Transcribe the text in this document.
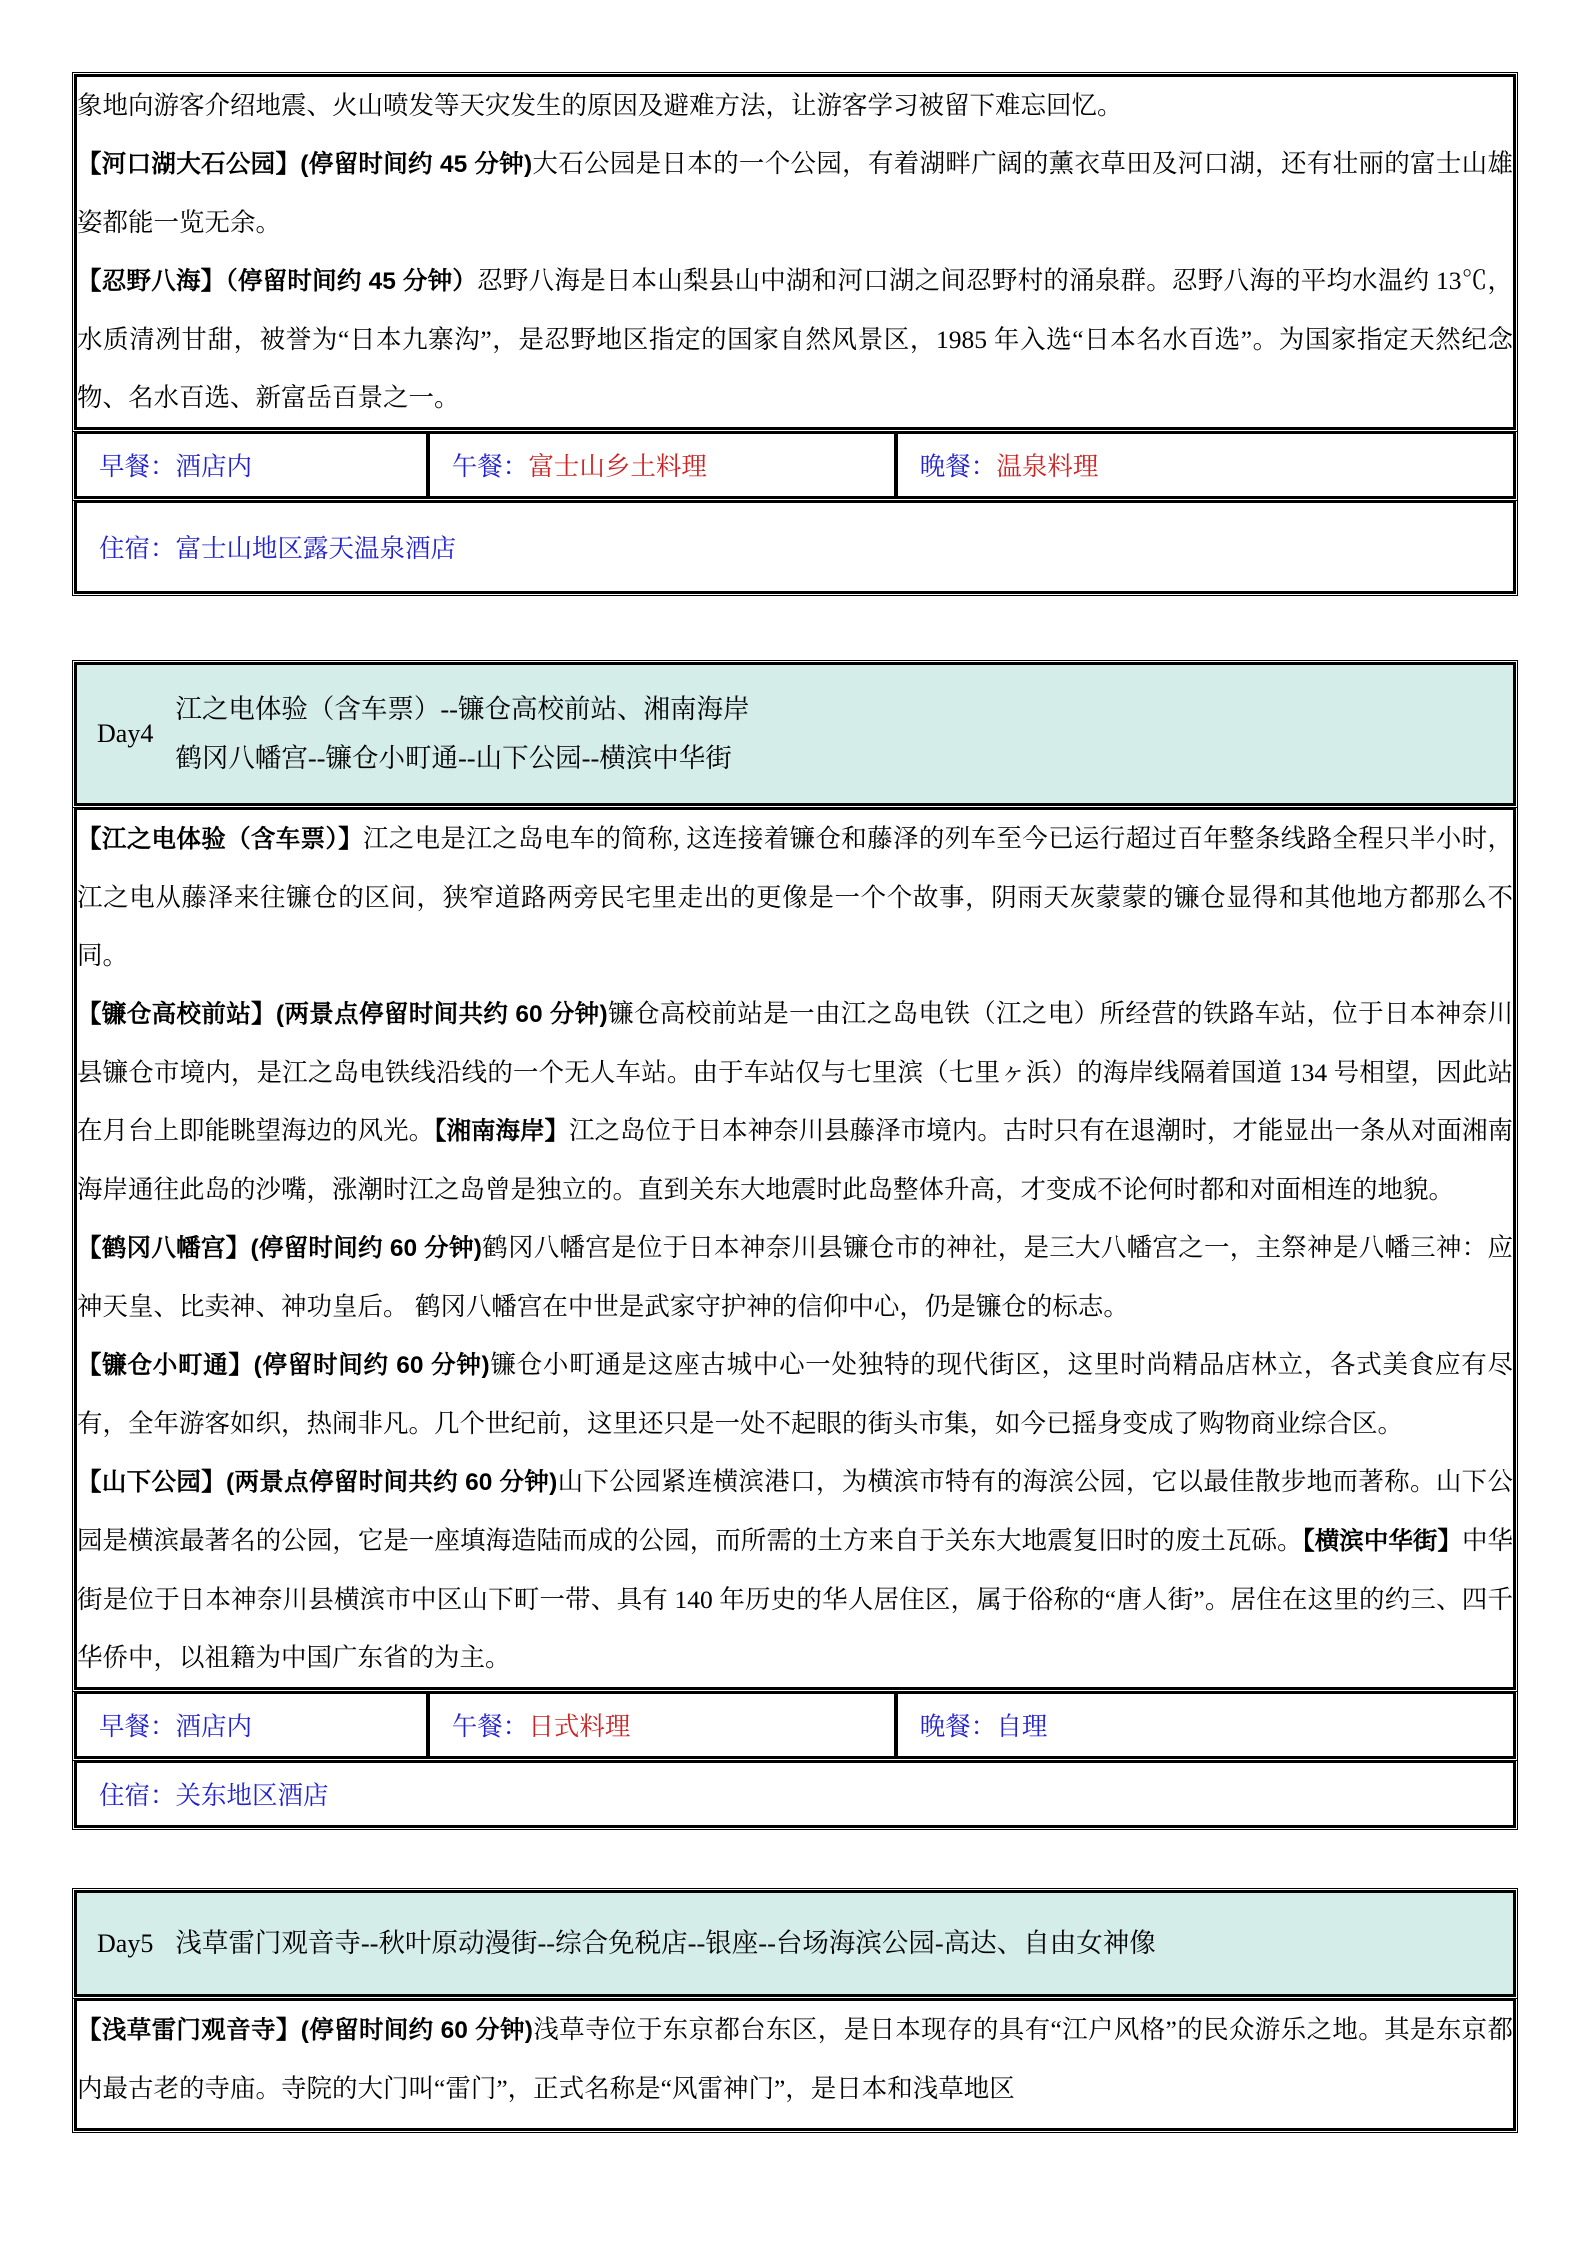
象地向游客介绍地震、火山喷发等天灾发生的原因及避难方法，让游客学习被留下难忘回忆。

【河口湖大石公园】(停留时间约 45 分钟)大石公园是日本的一个公园，有着湖畔广阔的薰衣草田及河口湖，还有壮丽的富士山雄姿都能一览无余。

【忍野八海】（停留时间约 45 分钟）忍野八海是日本山梨县山中湖和河口湖之间忍野村的涌泉群。忍野八海的平均水温约 13℃，水质清冽甘甜，被誉为“日本九寨沟”，是忍野地区指定的国家自然风景区，1985 年入选“日本名水百选”。为国家指定天然纪念物、名水百选、新富岳百景之一。

早餐：酒店内	午餐：富士山乡土料理	晚餐：温泉料理
住宿：富士山地区露天温泉酒店
Day4
江之电体验（含车票）--镰仓高校前站、湘南海岸
鹤冈八幡宫--镰仓小町通--山下公园--横滨中华街

【江之电体验（含车票）】江之电是江之岛电车的简称, 这连接着镰仓和藤泽的列车至今已运行超过百年整条线路全程只半小时，江之电从藤泽来往镰仓的区间，狭窄道路两旁民宅里走出的更像是一个个故事，阴雨天灰蒙蒙的镰仓显得和其他地方都那么不同。

【镰仓高校前站】(两景点停留时间共约 60 分钟)镰仓高校前站是一由江之岛电铁（江之电）所经营的铁路车站，位于日本神奈川县镰仓市境内，是江之岛电铁线沿线的一个无人车站。由于车站仅与七里滨（七里ヶ浜）的海岸线隔着国道 134 号相望，因此站在月台上即能眺望海边的风光。【湘南海岸】江之岛位于日本神奈川县藤泽市境内。古时只有在退潮时，才能显出一条从对面湘南海岸通往此岛的沙嘴，涨潮时江之岛曾是独立的。直到关东大地震时此岛整体升高，才变成不论何时都和对面相连的地貌。

【鹤冈八幡宫】(停留时间约 60 分钟)鹤冈八幡宫是位于日本神奈川县镰仓市的神社，是三大八幡宫之一，主祭神是八幡三神：应神天皇、比卖神、神功皇后。 鹤冈八幡宫在中世是武家守护神的信仰中心，仍是镰仓的标志。

【镰仓小町通】(停留时间约 60 分钟)镰仓小町通是这座古城中心一处独特的现代街区，这里时尚精品店林立，各式美食应有尽有，全年游客如织，热闹非凡。几个世纪前，这里还只是一处不起眼的街头市集，如今已摇身变成了购物商业综合区。

【山下公园】(两景点停留时间共约 60 分钟)山下公园紧连横滨港口，为横滨市特有的海滨公园，它以最佳散步地而著称。山下公园是横滨最著名的公园，它是一座填海造陆而成的公园，而所需的土方来自于关东大地震复旧时的废土瓦砾。【横滨中华街】中华街是位于日本神奈川县横滨市中区山下町一带、具有 140 年历史的华人居住区，属于俗称的“唐人街”。居住在这里的约三、四千华侨中，以祖籍为中国广东省的为主。

早餐：酒店内	午餐：日式料理	晚餐：自理
住宿：关东地区酒店
Day5 浅草雷门观音寺--秋叶原动漫街--综合免税店--银座--台场海滨公园-高达、自由女神像

【浅草雷门观音寺】(停留时间约 60 分钟)浅草寺位于东京都台东区，是日本现存的具有“江户风格”的民众游乐之地。其是东京都内最古老的寺庙。寺院的大门叫“雷门”，正式名称是“风雷神门”，是日本和浅草地区
